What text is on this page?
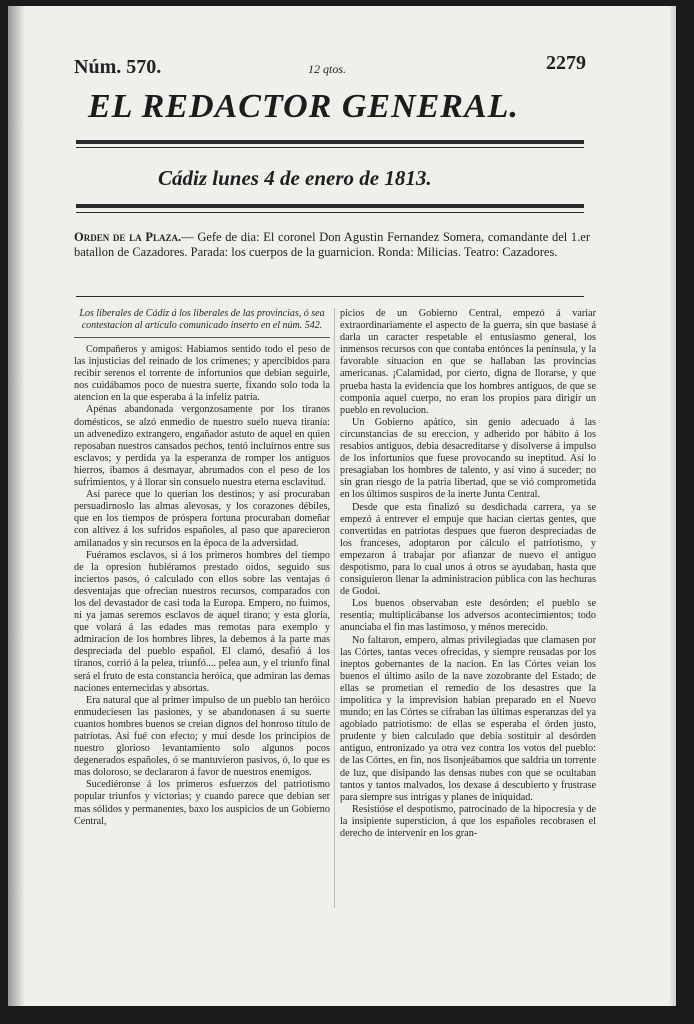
Núm. 570.	12 qtos.	2279
EL REDACTOR GENERAL.
Cádiz lunes 4 de enero de 1813.
Orden de la Plaza.— Gefe de dia: El coronel Don Agustin Fernandez Somera, comandante del 1.er batallon de Cazadores. Parada: los cuerpos de la guarnicion. Ronda: Milicias. Teatro: Cazadores.

Los liberales de Cádiz á los liberales de las provincias, ó sea contestacion al artículo comunicado inserto en el núm. 542.

Compañeros y amigos: Habiamos sentido todo el peso de las injusticias del reinado de los crímenes; y apercibidos para recibir serenos el torrente de infortunios que debian seguirle, nos cuidábamos poco de nuestra suerte, fixando solo toda la atencion en la que esperaba á la infeliz patria.

Apénas abandonada vergonzosamente por los tiranos domésticos, se alzó enmedio de nuestro suelo nueva tiranía: un advenedizo extrangero, engañador astuto de aquel en quien reposaban nuestros cansados pechos, tentó incluirnos entre sus esclavos; y perdida ya la esperanza de romper los antiguos hierros, íbamos á desmayar, abrumados con el peso de los sufrimientos, y á llorar sin consuelo nuestra eterna esclavitud.

Así parece que lo querian los destinos; y así procuraban persuadirnoslo las almas alevosas, y los corazones débiles, que en los tiempos de próspera fortuna procuraban domeñar con altivez á los sufridos españoles, al paso que aparecieron amilanados y sin recursos en la época de la adversidad.

Fuéramos esclavos, si á los primeros hombres del tiempo de la opresion hubiéramos prestado oidos, seguido sus inciertos pasos, ó calculado con ellos sobre las ventajas ó desventajas que ofrecian nuestros recursos, comparados con los del devastador de casi toda la Europa. Empero, no fuimos, ni ya jamas seremos esclavos de aquel tirano; y esta gloria, que volará á las edades mas remotas para exemplo y admiracion de los hombres libres, la debemos á la parte mas despreciada del pueblo español. El clamó, desafió á los tiranos, corrió á la pelea, triunfó.... pelea aun, y el triunfo final será el fruto de esta constancia heróica, que admiran las demas naciones enternecidas y absortas.

Era natural que al primer impulso de un pueblo tan heróico enmudeciesen las pasiones, y se abandonasen á su suerte cuantos hombres buenos se creian dignos del honroso título de patriotas. Así fué con efecto; y muí desde los principios de nuestro glorioso levantamiento solo algunos pocos degenerados españoles, ó se mantuvieron pasivos, ó, lo que es mas doloroso, se declararon á favor de nuestros enemigos.

Sucediéronse á los primeros esfuerzos del patriotismo popular triunfos y victorias; y cuando parece que debian ser mas sólidos y permanentes, baxo los auspicios de un Gobierno Central,

picios de un Gobierno Central, empezó á variar extraordinariamente el aspecto de la guerra, sin que bastase á darla un caracter respetable el entusiasmo general, los inmensos recursos con que contaba entónces la península, y la favorable situacion en que se hallaban las provincias americanas. ¡Calamidad, por cierto, digna de llorarse, y que prueba hasta la evidencia que los hombres antiguos, de que se componia aquel cuerpo, no eran los propios para dirigir un pueblo en revolucion.

Un Gobierno apático, sin genio adecuado á las circunstancias de su ereccion, y adherido por hábito á los resabios antiguos, debia desacreditarse y disolverse á impulso de los infortunios que fuese provocando su ineptitud. Así lo presagiaban los hombres de talento, y así vino á suceder; no sin gran riesgo de la patria libertad, que se vió comprometida en los últimos suspiros de la inerte Junta Central.

Desde que esta finalizó su desdichada carrera, ya se empezó á entrever el empuje que hacian ciertas gentes, que convertidas en patriotas despues que fueron despreciadas de los franceses, adoptaron por cálculo el patriotismo, y empezaron á trabajar por afianzar de nuevo el antiguo despotismo, para lo cual unos á otros se ayudaban, hasta que consiguieron llenar la administracion pública con las hechuras de Godoi.

Los buenos observaban este desórden; el pueblo se resentia; multiplicábanse los adversos acontecimientos; todo anunciaba el fin mas lastimoso, y ménos merecido.

No faltaron, empero, almas privilegiadas que clamasen por las Córtes, tantas veces ofrecidas, y siempre reusadas por los ineptos gobernantes de la nacion. En las Córtes veian los buenos el último asilo de la nave zozobrante del Estado; de ellas se prometian el remedio de los desastres que la impolítica y la imprevision habian preparado en el Nuevo mundo; en las Córtes se cifraban las últimas esperanzas del ya agobiado patriotismo: de ellas se esperaba el órden justo, prudente y bien calculado que debia sostituir al desórden antiguo, entronizado ya otra vez contra los votos del pueblo: de las Córtes, en fin, nos lisonjeábamos que saldria un torrente de luz, que disipando las densas nubes con que se ocultaban tantos y tantos malvados, los dexase á descubierto y frustrase para siempre sus intrigas y planes de iniquidad.

Resistióse el despotismo, patrocinado de la hipocresía y de la insipiente supersticion, á que los españoles recobrasen el derecho de intervenir en los gran-
